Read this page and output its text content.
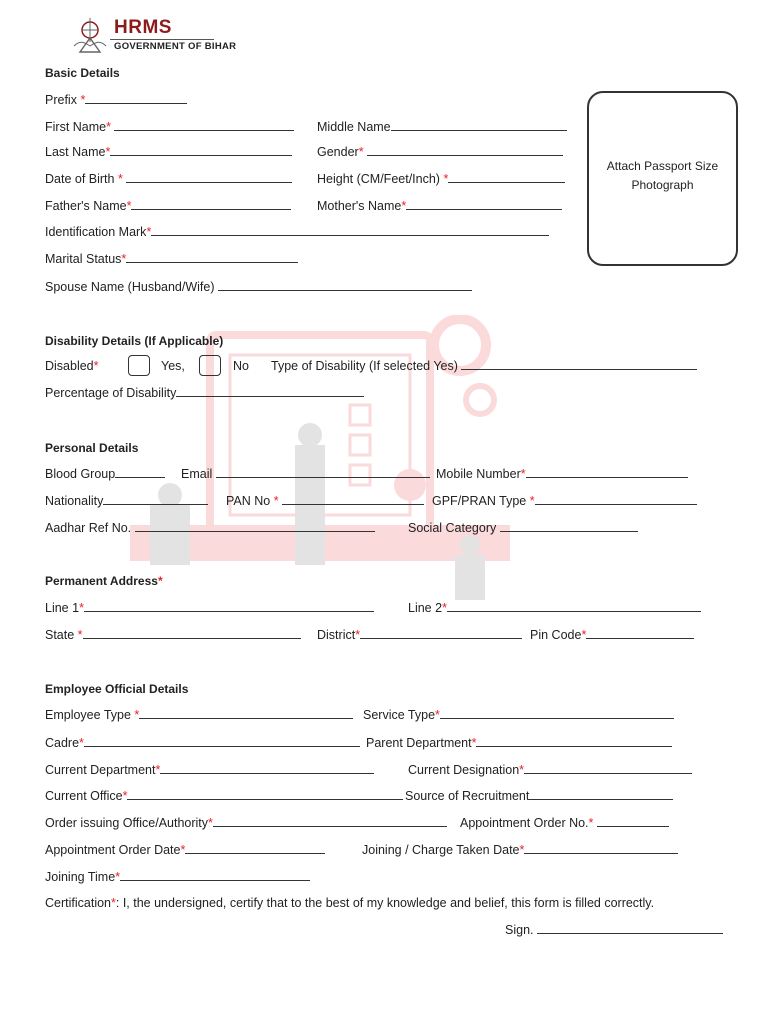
HRMS
GOVERNMENT OF BIHAR
Attach Passport Size
Photograph
Basic Details
Prefix *
First Name*	Middle Name
Last Name*	Gender*
Date of Birth *	Height (CM/Feet/Inch) *
Father's Name*	Mother's Name*
Identification Mark*
Marital Status*
Spouse Name (Husband/Wife)
Disability Details (If Applicable)
Disabled*	Yes,	No Type of Disability (If selected Yes)
Percentage of Disability
Personal Details
Blood Group	Email	Mobile Number*
Nationality	PAN No *	GPF/PRAN Type *
Aadhar Ref No.	Social Category
Permanent Address*
Line 1*	Line 2*
State *	District*	Pin Code*
Employee Official Details
Employee Type *	Service Type*
Cadre*	Parent Department*
Current Department*	Current Designation*
Current Office*	Source of Recruitment
Order issuing Office/Authority*	Appointment Order No.*
Appointment Order Date*	Joining / Charge Taken Date*
Joining Time*
Certification*: I, the undersigned, certify that to the best of my knowledge and belief, this form is filled correctly.
Sign.
